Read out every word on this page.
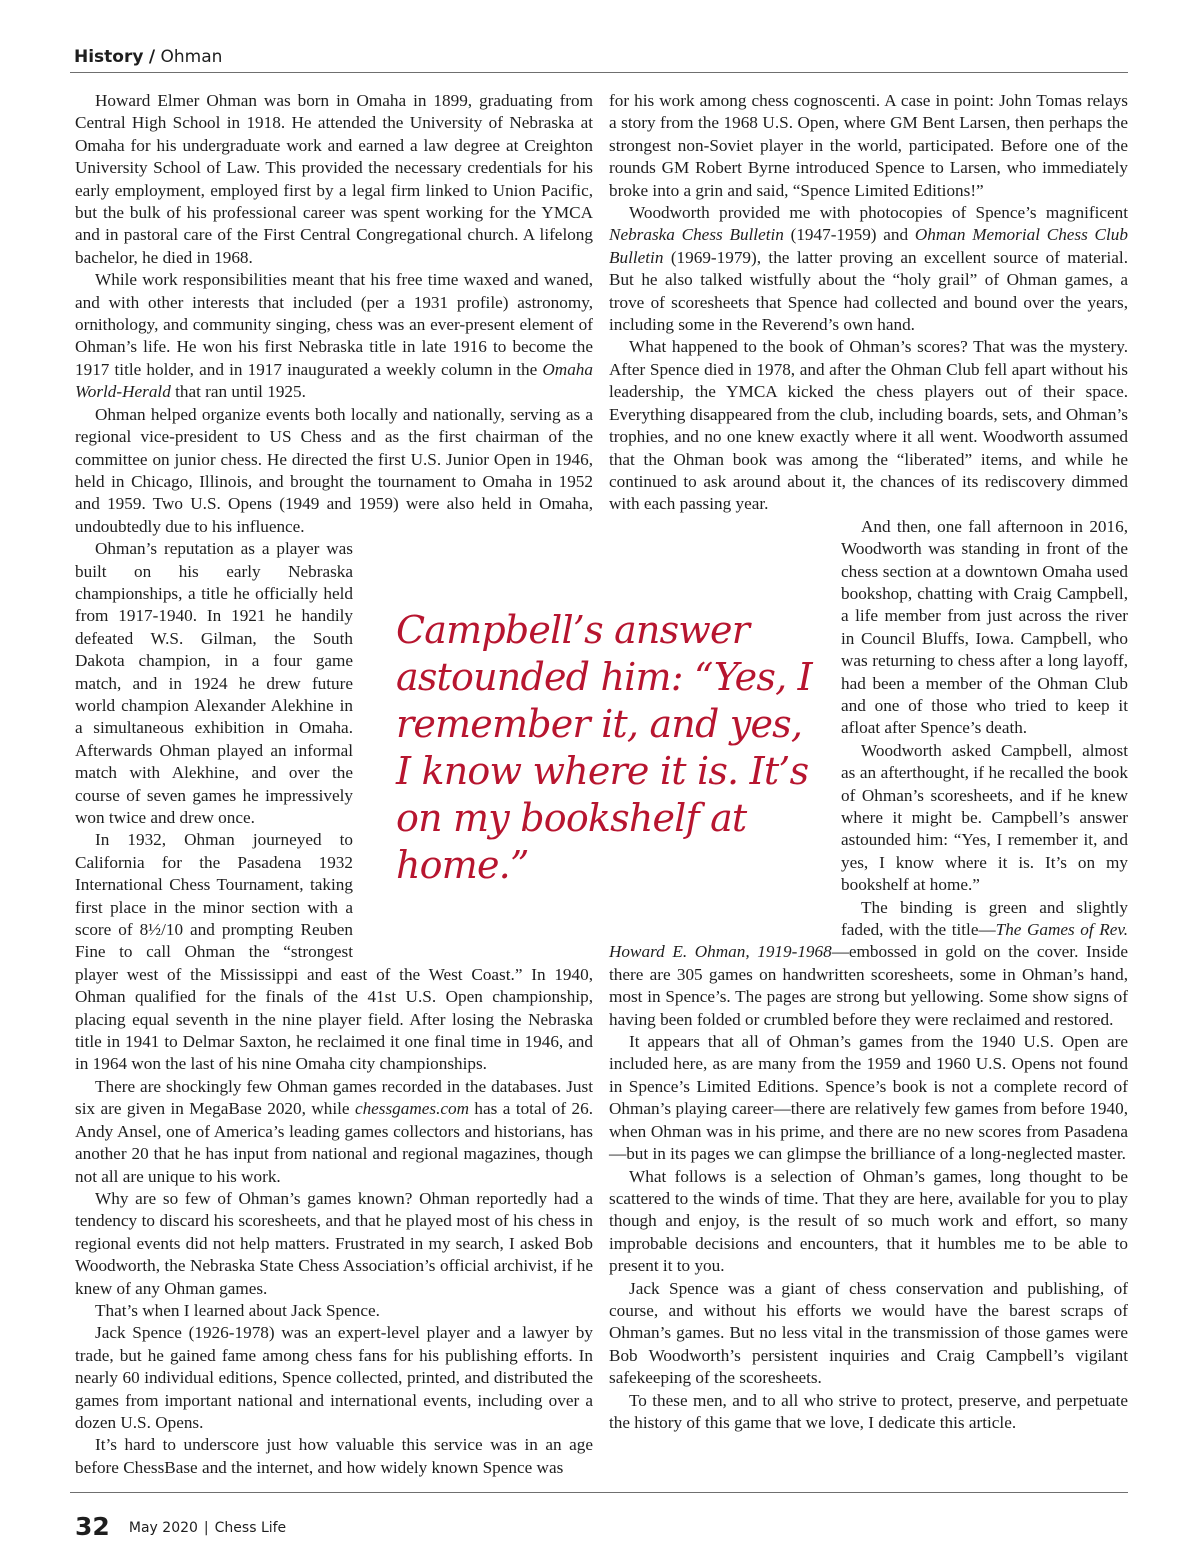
History / Ohman

Howard Elmer Ohman was born in Omaha in 1899, graduating from Central High School in 1918. He attended the University of Nebraska at Omaha for his undergraduate work and earned a law degree at Creighton University School of Law. This provided the necessary credentials for his early employment, employed first by a legal firm linked to Union Pacific, but the bulk of his professional career was spent working for the YMCA and in pastoral care of the First Central Congregational church. A lifelong bachelor, he died in 1968.

While work responsibilities meant that his free time waxed and waned, and with other interests that included (per a 1931 profile) astronomy, ornithology, and community singing, chess was an ever-present element of Ohman’s life. He won his first Nebraska title in late 1916 to become the 1917 title holder, and in 1917 inaugurated a weekly column in the Omaha World-Herald that ran until 1925.

Ohman helped organize events both locally and nationally, serving as a regional vice-president to US Chess and as the first chairman of the committee on junior chess. He directed the first U.S. Junior Open in 1946, held in Chicago, Illinois, and brought the tournament to Omaha in 1952 and 1959. Two U.S. Opens (1949 and 1959) were also held in Omaha, undoubtedly due to his influence.

Ohman’s reputation as a player was built on his early Nebraska championships, a title he officially held from 1917-1940. In 1921 he handily defeated W.S. Gilman, the South Dakota champion, in a four game match, and in 1924 he drew future world champion Alexander Alekhine in a simultaneous exhibition in Omaha. Afterwards Ohman played an informal match with Alekhine, and over the course of seven games he impressively won twice and drew once.

In 1932, Ohman journeyed to California for the Pasadena 1932 International Chess Tournament, taking first place in the minor section with a score of 8½/10 and prompting Reuben Fine to call Ohman the “strongest player west of the Mississippi and east of the West Coast.” In 1940, Ohman qualified for the finals of the 41st U.S. Open championship, placing equal seventh in the nine player field. After losing the Nebraska title in 1941 to Delmar Saxton, he reclaimed it one final time in 1946, and in 1964 won the last of his nine Omaha city championships.

There are shockingly few Ohman games recorded in the databases. Just six are given in MegaBase 2020, while chessgames.com has a total of 26. Andy Ansel, one of America’s leading games collectors and historians, has another 20 that he has input from national and regional magazines, though not all are unique to his work.

Why are so few of Ohman’s games known? Ohman reportedly had a tendency to discard his scoresheets, and that he played most of his chess in regional events did not help matters. Frustrated in my search, I asked Bob Woodworth, the Nebraska State Chess Association’s official archivist, if he knew of any Ohman games.

That’s when I learned about Jack Spence.

Jack Spence (1926-1978) was an expert-level player and a lawyer by trade, but he gained fame among chess fans for his publishing efforts. In nearly 60 individual editions, Spence collected, printed, and distributed the games from important national and international events, including over a dozen U.S. Opens.

It’s hard to underscore just how valuable this service was in an age before ChessBase and the internet, and how widely known Spence was

for his work among chess cognoscenti. A case in point: John Tomas relays a story from the 1968 U.S. Open, where GM Bent Larsen, then perhaps the strongest non-Soviet player in the world, participated. Before one of the rounds GM Robert Byrne introduced Spence to Larsen, who immediately broke into a grin and said, “Spence Limited Editions!”

Woodworth provided me with photocopies of Spence’s magnificent Nebraska Chess Bulletin (1947-1959) and Ohman Memorial Chess Club Bulletin (1969-1979), the latter proving an excellent source of material. But he also talked wistfully about the “holy grail” of Ohman games, a trove of scoresheets that Spence had collected and bound over the years, including some in the Reverend’s own hand.

What happened to the book of Ohman’s scores? That was the mystery. After Spence died in 1978, and after the Ohman Club fell apart without his leadership, the YMCA kicked the chess players out of their space. Everything disappeared from the club, including boards, sets, and Ohman’s trophies, and no one knew exactly where it all went. Woodworth assumed that the Ohman book was among the “liberated” items, and while he continued to ask around about it, the chances of its rediscovery dimmed with each passing year.

And then, one fall afternoon in 2016, Woodworth was standing in front of the chess section at a downtown Omaha used bookshop, chatting with Craig Campbell, a life member from just across the river in Council Bluffs, Iowa. Campbell, who was returning to chess after a long layoff, had been a member of the Ohman Club and one of those who tried to keep it afloat after Spence’s death.

Woodworth asked Campbell, almost as an afterthought, if he recalled the book of Ohman’s scoresheets, and if he knew where it might be. Campbell’s answer astounded him: “Yes, I remember it, and yes, I know where it is. It’s on my bookshelf at home.”

The binding is green and slightly faded, with the title—The Games of Rev. Howard E. Ohman, 1919-1968—embossed in gold on the cover. Inside there are 305 games on handwritten scoresheets, some in Ohman’s hand, most in Spence’s. The pages are strong but yellowing. Some show signs of having been folded or crumbled before they were reclaimed and restored.

It appears that all of Ohman’s games from the 1940 U.S. Open are included here, as are many from the 1959 and 1960 U.S. Opens not found in Spence’s Limited Editions. Spence’s book is not a complete record of Ohman’s playing career—there are relatively few games from before 1940, when Ohman was in his prime, and there are no new scores from Pasadena—but in its pages we can glimpse the brilliance of a long-neglected master.

What follows is a selection of Ohman’s games, long thought to be scattered to the winds of time. That they are here, available for you to play though and enjoy, is the result of so much work and effort, so many improbable decisions and encounters, that it humbles me to be able to present it to you.

Jack Spence was a giant of chess conservation and publishing, of course, and without his efforts we would have the barest scraps of Ohman’s games. But no less vital in the transmission of those games were Bob Woodworth’s persistent inquiries and Craig Campbell’s vigilant safekeeping of the scoresheets.

To these men, and to all who strive to protect, preserve, and perpetuate the history of this game that we love, I dedicate this article.

Campbell’s answer astounded him: “Yes, I remember it, and yes, I know where it is. It’s on my bookshelf at home.”

32 May 2020 | Chess Life
